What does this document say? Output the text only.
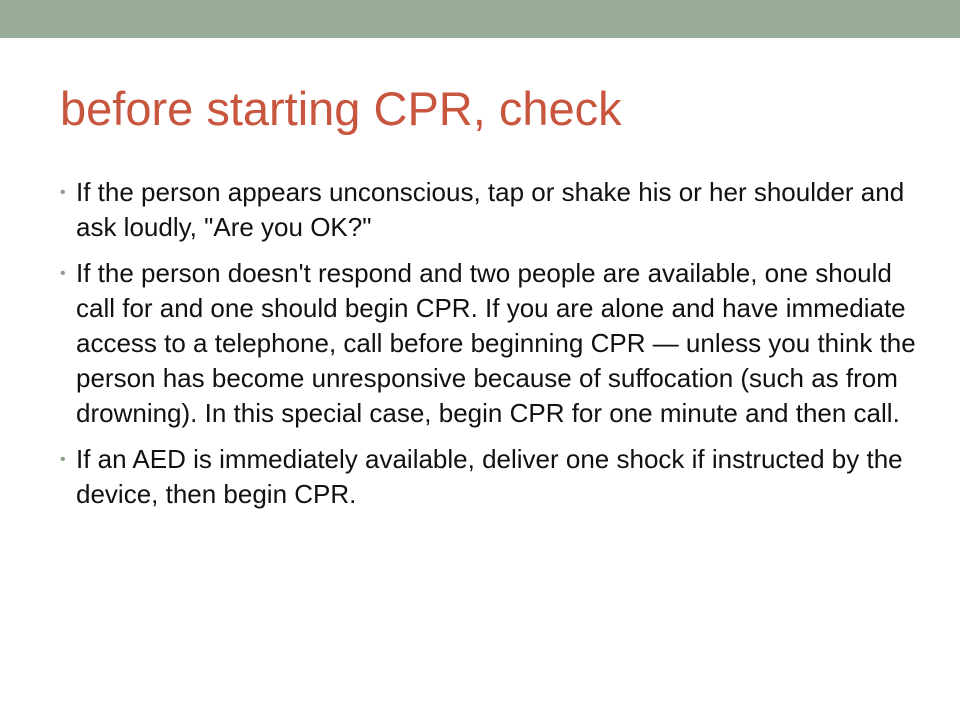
before starting CPR, check
• If the person appears unconscious, tap or shake his or her shoulder and ask loudly, "Are you OK?"
• If the person doesn't respond and two people are available, one should call for and one should begin CPR. If you are alone and have immediate access to a telephone, call before beginning CPR — unless you think the person has become unresponsive because of suffocation (such as from drowning). In this special case, begin CPR for one minute and then call.
• If an AED is immediately available, deliver one shock if instructed by the device, then begin CPR.
